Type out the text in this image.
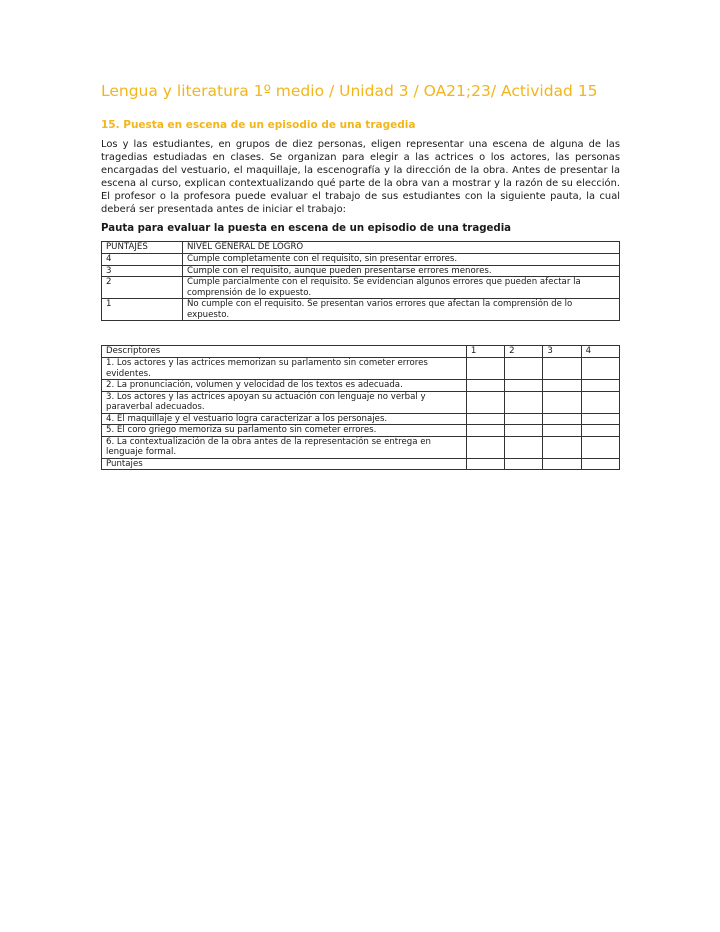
Lengua y literatura 1º medio / Unidad 3 / OA21;23/ Actividad 15
15. Puesta en escena de un episodio de una tragedia

Los y las estudiantes, en grupos de diez personas, eligen representar una escena de alguna de las tragedias estudiadas en clases. Se organizan para elegir a las actrices o los actores, las personas encargadas del vestuario, el maquillaje, la escenografía y la dirección de la obra. Antes de presentar la escena al curso, explican contextualizando qué parte de la obra van a mostrar y la razón de su elección. El profesor o la profesora puede evaluar el trabajo de sus estudiantes con la siguiente pauta, la cual deberá ser presentada antes de iniciar el trabajo:

Pauta para evaluar la puesta en escena de un episodio de una tragedia
PUNTAJES	NIVEL GENERAL DE LOGRO
4	Cumple completamente con el requisito, sin presentar errores.
3	Cumple con el requisito, aunque pueden presentarse errores menores.
2	Cumple parcialmente con el requisito. Se evidencian algunos errores que pueden afectar la comprensión de lo expuesto.
1	No cumple con el requisito. Se presentan varios errores que afectan la comprensión de lo expuesto.
Descriptores	1	2	3	4
1. Los actores y las actrices memorizan su parlamento sin cometer errores evidentes.				
2. La pronunciación, volumen y velocidad de los textos es adecuada.				
3. Los actores y las actrices apoyan su actuación con lenguaje no verbal y paraverbal adecuados.				
4. El maquillaje y el vestuario logra caracterizar a los personajes.				
5. El coro griego memoriza su parlamento sin cometer errores.				
6. La contextualización de la obra antes de la representación se entrega en lenguaje formal.				
Puntajes				
